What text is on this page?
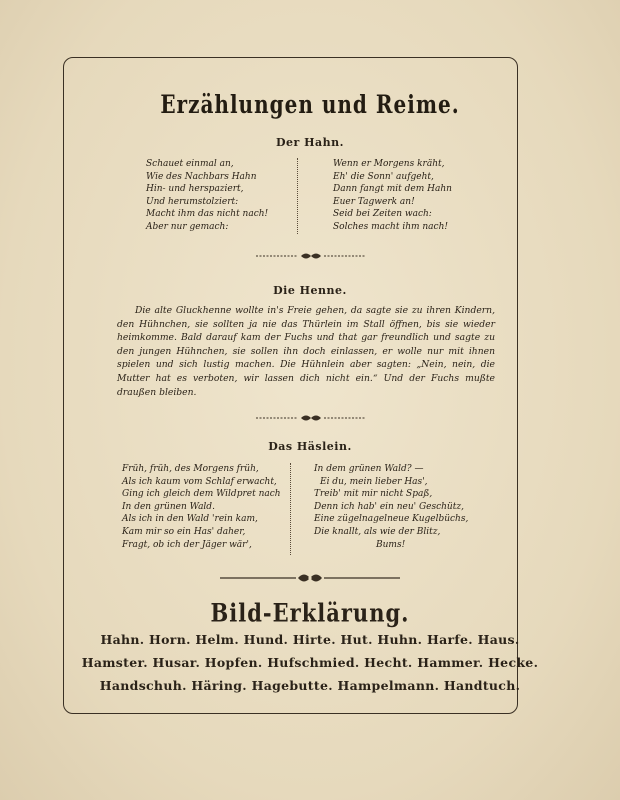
Erzählungen und Reime.
Der Hahn.
Schauet einmal an,
Wie des Nachbars Hahn
Hin- und herspaziert,
Und herumstolziert:
Macht ihm das nicht nach!
Aber nur gemach:
Wenn er Morgens kräht,
Eh' die Sonn' aufgeht,
Dann fangt mit dem Hahn
Euer Tagwerk an!
Seid bei Zeiten wach:
Solches macht ihm nach!
Die Henne.

Die alte Gluckhenne wollte in's Freie gehen, da sagte sie zu ihren Kindern, den Hühnchen, sie sollten ja nie das Thürlein im Stall öffnen, bis sie wieder heimkomme. Bald darauf kam der Fuchs und that gar freundlich und sagte zu den jungen Hühnchen, sie sollen ihn doch einlassen, er wolle nur mit ihnen spielen und sich lustig machen. Die Hühnlein aber sagten: „Nein, nein, die Mutter hat es verboten, wir lassen dich nicht ein.“ Und der Fuchs mußte draußen bleiben.

Das Häslein.
Früh, früh, des Morgens früh,
Als ich kaum vom Schlaf erwacht,
Ging ich gleich dem Wildpret nach
In den grünen Wald.
Als ich in den Wald 'rein kam,
Kam mir so ein Has' daher,
Fragt, ob ich der Jäger wär',
In dem grünen Wald? —
Ei du, mein lieber Has',
Treib' mit mir nicht Spaß,
Denn ich hab' ein neu' Geschütz,
Eine zügelnagelneue Kugelbüchs,
Die knallt, als wie der Blitz,
Bums!
Bild-Erklärung.
Hahn. Horn. Helm. Hund. Hirte. Hut. Huhn. Harfe. Haus.
Hamster. Husar. Hopfen. Hufschmied. Hecht. Hammer. Hecke.
Handschuh. Häring. Hagebutte. Hampelmann. Handtuch.
